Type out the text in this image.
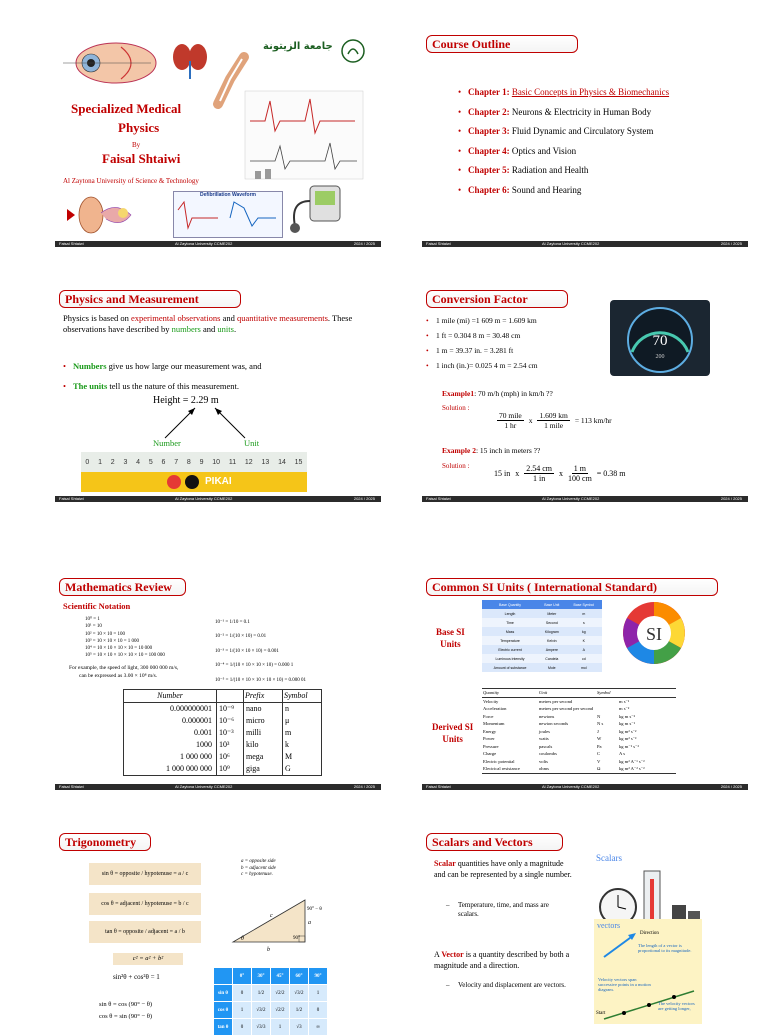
جامعة الزيتونة
Specialized Medical
Physics
By
Faisal Shtaiwi
Al Zaytona University of Science & Technology
Defibrillation Waveform
Faisal Shtaiwi	Al Zaytona University CCME202	2024 / 2025
Course Outline
• Chapter 1: Basic Concepts in Physics & Biomechanics
• Chapter 2: Neurons & Electricity in Human Body
• Chapter 3: Fluid Dynamic and Circulatory System
• Chapter 4: Optics and Vision
• Chapter 5: Radiation and Health
• Chapter 6: Sound and Hearing
Faisal Shtaiwi	Al Zaytona University CCME202	2024 / 2025
Physics and Measurement
Physics is based on experimental observations and quantitative measurements. These observations have described by numbers and units.
• Numbers give us how large our measurement was, and
• The units tell us the nature of this measurement.
Height = 2.29 m
Number	Unit
0 1 2 3 4 5 6 7 8 9 10 11 12 13 14 15
PIKAI
Faisal Shtaiwi	Al Zaytona University CCME202	2024 / 2025
Conversion Factor
• 1 mile (mi) =1 609 m = 1.609 km
• 1 ft = 0.304 8 m = 30.48 cm
• 1 m = 39.37 in. = 3.281 ft
• 1 inch (in.)= 0.025 4 m = 2.54 cm
70
200
Example1: 70 m/h (mph) in km/h ??
Solution :
70 mile
1 hr
x
1.609 km
1 mile
= 113 km/hr
Example 2: 15 inch in meters ??
Solution :
15 in x
2.54 cm
1 in
x $\frac{1 m}{100 cm} = 0.38$ m
Faisal Shtaiwi	Al Zaytona University CCME202	2024 / 2025
Mathematics Review
Scientific Notation
10⁰ = 1
10¹ = 10
10² = 10 × 10 = 100
10³ = 10 × 10 × 10 = 1 000
10⁴ = 10 × 10 × 10 × 10 = 10 000
10⁵ = 10 × 10 × 10 × 10 × 10 = 100 000
10⁻¹ = 1/10 = 0.1
10⁻² = 1/(10 × 10) = 0.01
10⁻³ = 1/(10 × 10 × 10) = 0.001
10⁻⁴ = 1/(10 × 10 × 10 × 10) = 0.000 1
10⁻⁵ = 1/(10 × 10 × 10 × 10 × 10) = 0.000 01
For example, the speed of light, 300 000 000 m/s,
can be expressed as 3.00 × 10⁸ m/s.
Number		Prefix	Symbol
0.000000001	10⁻⁹	nano	n
0.000001	10⁻⁶	micro	μ
0.001	10⁻³	milli	m
1000	10³	kilo	k
1 000 000	10⁶	mega	M
1 000 000 000	10⁹	giga	G
Faisal Shtaiwi	Al Zaytona University CCME202	2024 / 2025
Common SI Units ( International Standard)
Base SI
Units
Base Quantity	Base Unit	Base Symbol
Length	Meter	m
Time	Second	s
Mass	Kilogram	kg
Temperature	Kelvin	K
Electric current	Ampere	A
Luminous intensity	Candela	cd
Amount of substance	Mole	mol
SI
Derived SI
Units
Quantity	Unit	Symbol	
Velocity	metres per second		m s⁻¹
Acceleration	metres per second per second		m s⁻²
Force	newtons	N	kg m s⁻²
Momentum	newton seconds	N s	kg m s⁻¹
Energy	joules	J	kg m² s⁻²
Power	watts	W	kg m² s⁻³
Pressure	pascals	Pa	kg m⁻¹ s⁻²
Charge	coulombs	C	A s
Electric potential	volts	V	kg m² A⁻¹ s⁻³
Electrical resistance	ohms	Ω	kg m² A⁻² s⁻³
Faisal Shtaiwi	Al Zaytona University CCME202	2024 / 2025
Trigonometry
sin θ = opposite / hypotenuse = a / c
cos θ = adjacent / hypotenuse = b / c
tan θ = opposite / adjacent = a / b
c² = a² + b²
sin²θ + cos²θ = 1
sin θ = cos (90° − θ)
cos θ = sin (90° − θ)
a = opposite side
b = adjacent side
c = hypotenuse.
c
a
b
90° − θ
90°
θ
	0°	30°	45°	60°	90°
sin θ	0	1/2	√2/2	√3/2	1
cos θ	1	√3/2	√2/2	1/2	0
tan θ	0	√3/3	1	√3	∞
Scalars and Vectors
Scalar quantities have only a magnitude and can be represented by a single number.
– Temperature, time, and mass are scalars.
A Vector is a quantity described by both a magnitude and a direction.
– Velocity and displacement are vectors.
Scalars
vectors
Direction
The length of a vector is proportional to its magnitude.
Velocity vectors span successive points in a motion diagram.
The velocity vectors are getting longer,
Start
